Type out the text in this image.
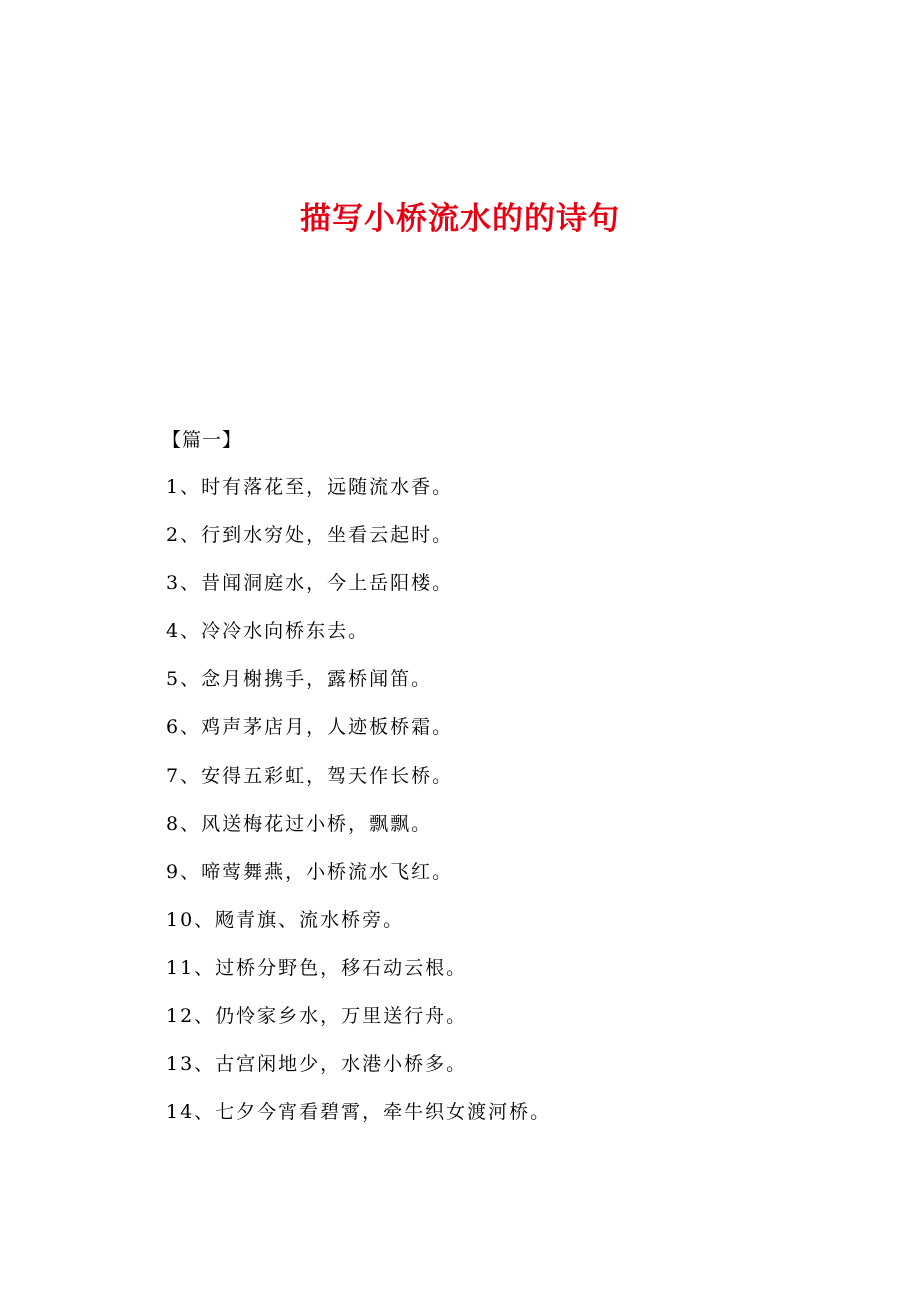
描写小桥流水的的诗句
【篇一】
1、时有落花至，远随流水香。
2、行到水穷处，坐看云起时。
3、昔闻洞庭水，今上岳阳楼。
4、冷冷水向桥东去。
5、念月榭携手，露桥闻笛。
6、鸡声茅店月，人迹板桥霜。
7、安得五彩虹，驾天作长桥。
8、风送梅花过小桥，飘飘。
9、啼莺舞燕，小桥流水飞红。
10、飏青旗、流水桥旁。
11、过桥分野色，移石动云根。
12、仍怜家乡水，万里送行舟。
13、古宫闲地少，水港小桥多。
14、七夕今宵看碧霄，牵牛织女渡河桥。
